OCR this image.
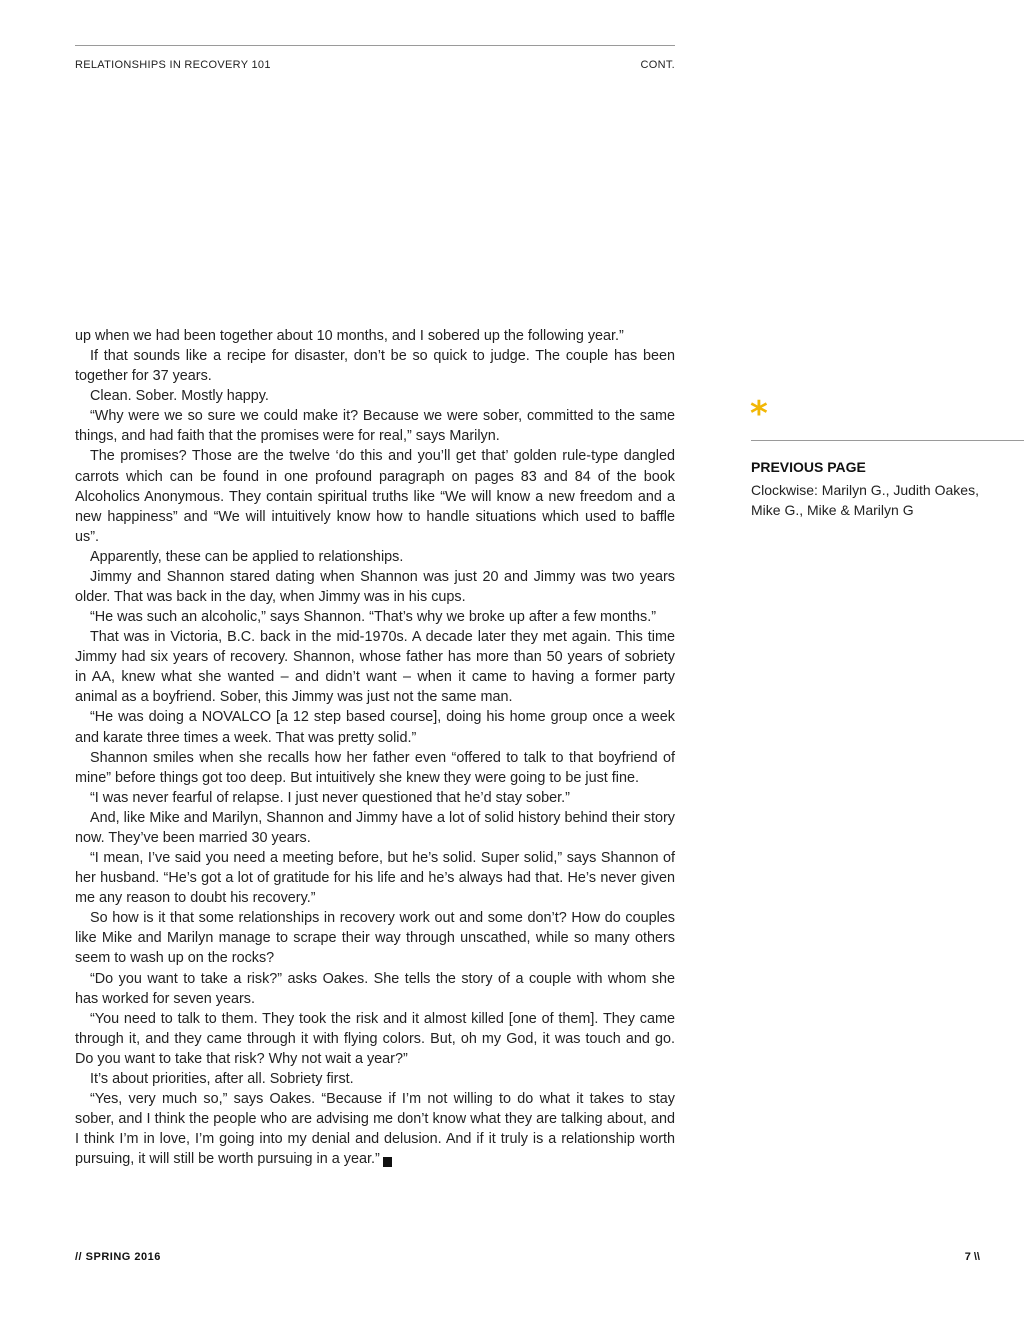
RELATIONSHIPS IN RECOVERY 101	CONT.

up when we had been together about 10 months, and I sobered up the following year.”

If that sounds like a recipe for disaster, don’t be so quick to judge. The couple has been together for 37 years.

Clean. Sober. Mostly happy.

“Why were we so sure we could make it? Because we were sober, committed to the same things, and had faith that the promises were for real,” says Marilyn.

The promises? Those are the twelve ‘do this and you’ll get that’ golden rule-type dangled carrots which can be found in one profound paragraph on pages 83 and 84 of the book Alcoholics Anonymous. They contain spiritual truths like “We will know a new freedom and a new happiness” and “We will intuitively know how to handle situations which used to baffle us”.

Apparently, these can be applied to relationships.

Jimmy and Shannon stared dating when Shannon was just 20 and Jimmy was two years older. That was back in the day, when Jimmy was in his cups.

“He was such an alcoholic,” says Shannon. “That’s why we broke up after a few months.”

That was in Victoria, B.C. back in the mid-1970s. A decade later they met again. This time Jimmy had six years of recovery. Shannon, whose father has more than 50 years of sobriety in AA, knew what she wanted – and didn’t want – when it came to having a former party animal as a boyfriend. Sober, this Jimmy was just not the same man.

“He was doing a NOVALCO [a 12 step based course], doing his home group once a week and karate three times a week. That was pretty solid.”

Shannon smiles when she recalls how her father even “offered to talk to that boyfriend of mine” before things got too deep. But intuitively she knew they were going to be just fine.

“I was never fearful of relapse. I just never questioned that he’d stay sober.”

And, like Mike and Marilyn, Shannon and Jimmy have a lot of solid history behind their story now. They’ve been married 30 years.

“I mean, I’ve said you need a meeting before, but he’s solid. Super solid,” says Shannon of her husband. “He’s got a lot of gratitude for his life and he’s always had that. He’s never given me any reason to doubt his recovery.”

So how is it that some relationships in recovery work out and some don’t? How do couples like Mike and Marilyn manage to scrape their way through unscathed, while so many others seem to wash up on the rocks?

“Do you want to take a risk?” asks Oakes. She tells the story of a couple with whom she has worked for seven years.

“You need to talk to them. They took the risk and it almost killed [one of them]. They came through it, and they came through it with flying colors. But, oh my God, it was touch and go. Do you want to take that risk? Why not wait a year?”

It’s about priorities, after all. Sobriety first.

“Yes, very much so,” says Oakes. “Because if I’m not willing to do what it takes to stay sober, and I think the people who are advising me don’t know what they are talking about, and I think I’m in love, I’m going into my denial and delusion. And if it truly is a relationship worth pursuing, it will still be worth pursuing in a year.”	P

*
PREVIOUS PAGE
Clockwise: Marilyn G., Judith Oakes, Mike G., Mike & Marilyn G
// SPRING 2016	7 \\
